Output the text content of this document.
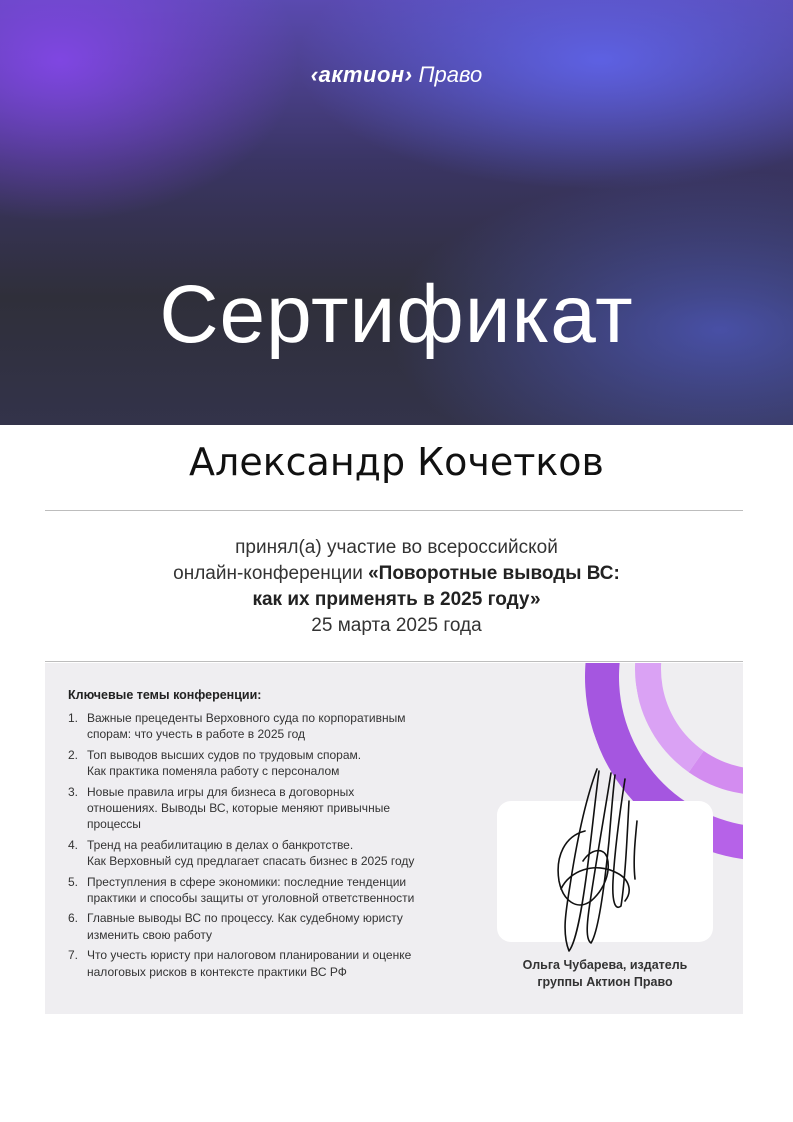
‹актион› Право
Сертификат
Александр Кочетков
принял(а) участие во всероссийской
онлайн-конференции «Поворотные выводы ВС:
как их применять в 2025 году»
25 марта 2025 года
Ключевые темы конференции:
1. Важные прецеденты Верховного суда по корпоративным
спорам: что учесть в работе в 2025 год
2. Топ выводов высших судов по трудовым спорам.
Как практика поменяла работу с персоналом
3. Новые правила игры для бизнеса в договорных
отношениях. Выводы ВС, которые меняют привычные
процессы
4. Тренд на реабилитацию в делах о банкротстве.
Как Верховный суд предлагает спасать бизнес в 2025 году
5. Преступления в сфере экономики: последние тенденции
практики и способы защиты от уголовной ответственности
6. Главные выводы ВС по процессу. Как судебному юристу
изменить свою работу
7. Что учесть юристу при налоговом планировании и оценке
налоговых рисков в контексте практики ВС РФ	Ольга Чубарева, издатель
группы Актион Право
